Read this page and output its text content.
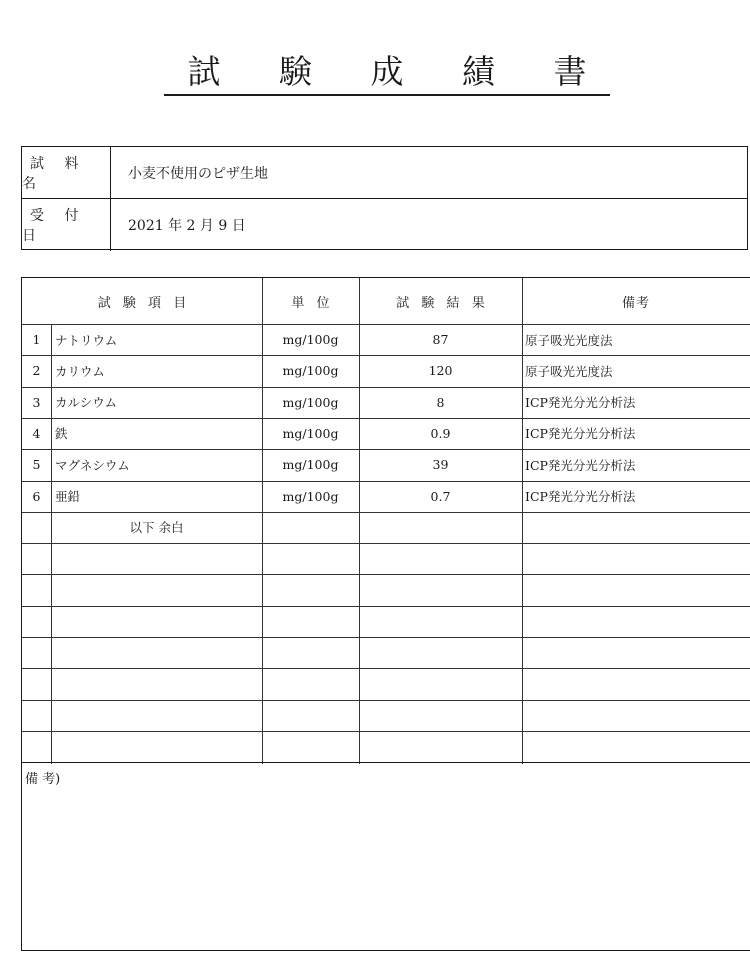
試 験 成 績 書
試 料 名
小麦不使用のピザ生地
受 付 日
2021 年 2 月 9 日
試 験 項 目	単 位	試 験 結 果	備考
1	ナトリウム	mg/100g	87	原子吸光光度法
2	カリウム	mg/100g	120	原子吸光光度法
3	カルシウム	mg/100g	8	ICP発光分光分析法
4	鉄	mg/100g	0.9	ICP発光分光分析法
5	マグネシウム	mg/100g	39	ICP発光分光分析法
6	亜鉛	mg/100g	0.7	ICP発光分光分析法
以下 余白
備 考)
